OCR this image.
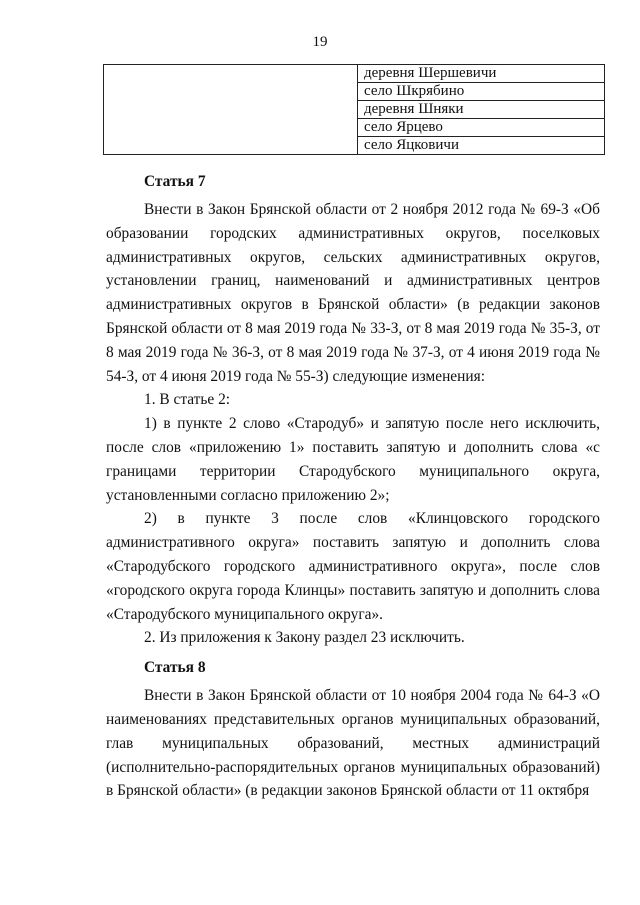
19
	деревня Шершевичи
село Шкрябино
деревня Шняки
село Ярцево
село Яцковичи

Статья 7

Внести в Закон Брянской области от 2 ноября 2012 года № 69-З «Об образовании городских административных округов, поселковых административных округов, сельских административных округов, установлении границ, наименований и административных центров административных округов в Брянской области» (в редакции законов Брянской области от 8 мая 2019 года № 33-З, от 8 мая 2019 года № 35-З, от 8 мая 2019 года № 36-З, от 8 мая 2019 года № 37-З, от 4 июня 2019 года № 54-З, от 4 июня 2019 года № 55-З) следующие изменения:

1. В статье 2:

1) в пункте 2 слово «Стародуб» и запятую после него исключить, после слов «приложению 1» поставить запятую и дополнить слова «с границами территории Стародубского муниципального округа, установленными согласно приложению 2»;

2) в пункте 3 после слов «Клинцовского городского административного округа» поставить запятую и дополнить слова «Стародубского городского административного округа», после слов «городского округа города Клинцы» поставить запятую и дополнить слова «Стародубского муниципального округа».

2. Из приложения к Закону раздел 23 исключить.

Статья 8

Внести в Закон Брянской области от 10 ноября 2004 года № 64-З «О наименованиях представительных органов муниципальных образований, глав муниципальных образований, местных администраций (исполнительно-распорядительных органов муниципальных образований) в Брянской области» (в редакции законов Брянской области от 11 октября
